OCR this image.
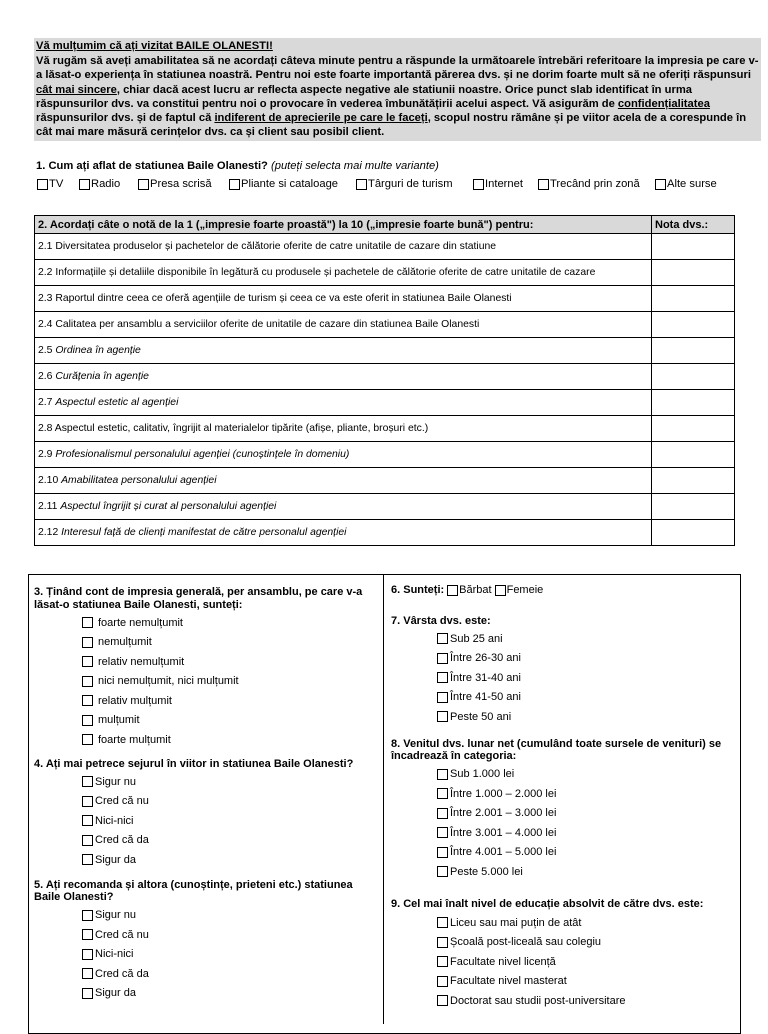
Vă mulțumim că ați vizitat BAILE OLANESTI!
Vă rugăm să aveți amabilitatea să ne acordați câteva minute pentru a răspunde la următoarele întrebări referitoare la impresia pe care v-a lăsat-o experiența în statiunea noastră. Pentru noi este foarte importantă părerea dvs. și ne dorim foarte mult să ne oferiți răspunsuri cât mai sincere, chiar dacă acest lucru ar reflecta aspecte negative ale statiunii noastre. Orice punct slab identificat în urma răspunsurilor dvs. va constitui pentru noi o provocare în vederea îmbunătățirii acelui aspect. Vă asigurăm de confidențialitatea răspunsurilor dvs. și de faptul că indiferent de aprecierile pe care le faceți, scopul nostru rămâne și pe viitor acela de a corespunde în cât mai mare măsură cerințelor dvs. ca și client sau posibil client.
1. Cum ați aflat de statiunea Baile Olanesti? (puteți selecta mai multe variante)
TV Radio	Presa scrisă	Pliante si cataloage	Târguri de turism	Internet Trecând prin zonă Alte surse
2. Acordați câte o notă de la 1 („impresie foarte proastă") la 10 („impresie foarte bună") pentru:	Nota dvs.:
2.1 Diversitatea produselor și pachetelor de călătorie oferite de catre unitatile de cazare din statiune	
2.2 Informațiile și detaliile disponibile în legătură cu produsele și pachetele de călătorie oferite de catre unitatile de cazare	
2.3 Raportul dintre ceea ce oferă agențiile de turism și ceea ce va este oferit in statiunea Baile Olanesti	
2.4 Calitatea per ansamblu a serviciilor oferite de unitatile de cazare din statiunea Baile Olanesti	
2.5 Ordinea în agenție	
2.6 Curățenia în agenție	
2.7 Aspectul estetic al agenției	
2.8 Aspectul estetic, calitativ, îngrijit al materialelor tipărite (afișe, pliante, broșuri etc.)	
2.9 Profesionalismul personalului agenției (cunoștințele în domeniu)	
2.10 Amabilitatea personalului agenției	
2.11 Aspectul îngrijit și curat al personalului agenției	
2.12 Interesul față de clienți manifestat de către personalul agenției	
3. Ținând cont de impresia generală, per ansamblu, pe care v-a lăsat-o statiunea Baile Olanesti, sunteți:
foarte nemulțumit
nemulțumit
relativ nemulțumit
nici nemulțumit, nici mulțumit
relativ mulțumit
mulțumit
foarte mulțumit
4. Ați mai petrece sejurul în viitor in statiunea Baile Olanesti?
Sigur nu
Cred că nu
Nici-nici
Cred că da
Sigur da
5. Ați recomanda și altora (cunoștințe, prieteni etc.) statiunea Baile Olanesti?
Sigur nu
Cred că nu
Nici-nici
Cred că da
Sigur da
6. Sunteți: Bărbat Femeie
7. Vârsta dvs. este:
Sub 25 ani
Între 26-30 ani
Între 31-40 ani
Între 41-50 ani
Peste 50 ani
8. Venitul dvs. lunar net (cumulând toate sursele de venituri) se încadrează în categoria:
Sub 1.000 lei
Între 1.000 – 2.000 lei
Între 2.001 – 3.000 lei
Între 3.001 – 4.000 lei
Între 4.001 – 5.000 lei
Peste 5.000 lei
9. Cel mai înalt nivel de educație absolvit de către dvs. este:
Liceu sau mai puțin de atât
Școală post-liceală sau colegiu
Facultate nivel licență
Facultate nivel masterat
Doctorat sau studii post-universitare
